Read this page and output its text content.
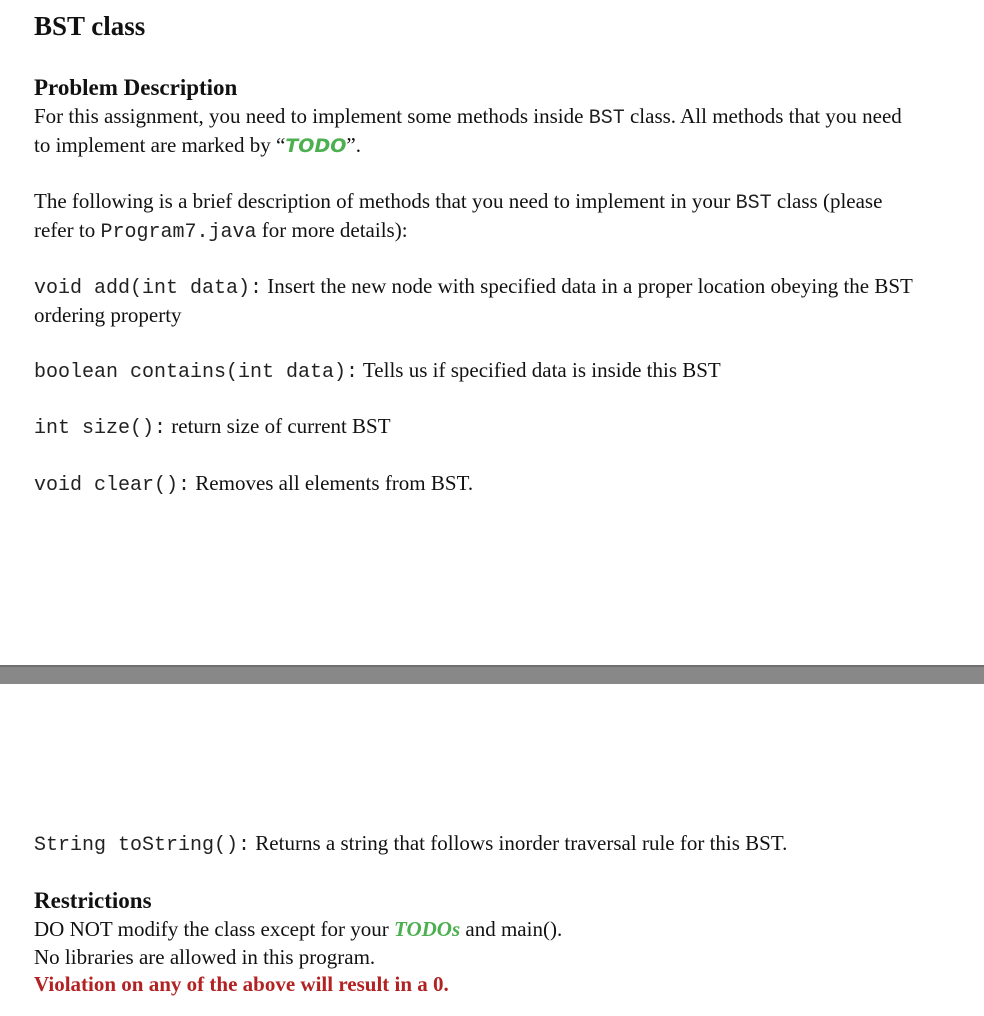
BST class
Problem Description
For this assignment, you need to implement some methods inside BST class. All methods that you need
to implement are marked by “TODO”.
The following is a brief description of methods that you need to implement in your BST class (please
refer to Program7.java for more details):
void add(int data): Insert the new node with specified data in a proper location obeying the BST
ordering property
boolean contains(int data): Tells us if specified data is inside this BST
int size(): return size of current BST
void clear(): Removes all elements from BST.
String toString(): Returns a string that follows inorder traversal rule for this BST.
Restrictions
DO NOT modify the class except for your TODOs and main().
No libraries are allowed in this program.
Violation on any of the above will result in a 0.
